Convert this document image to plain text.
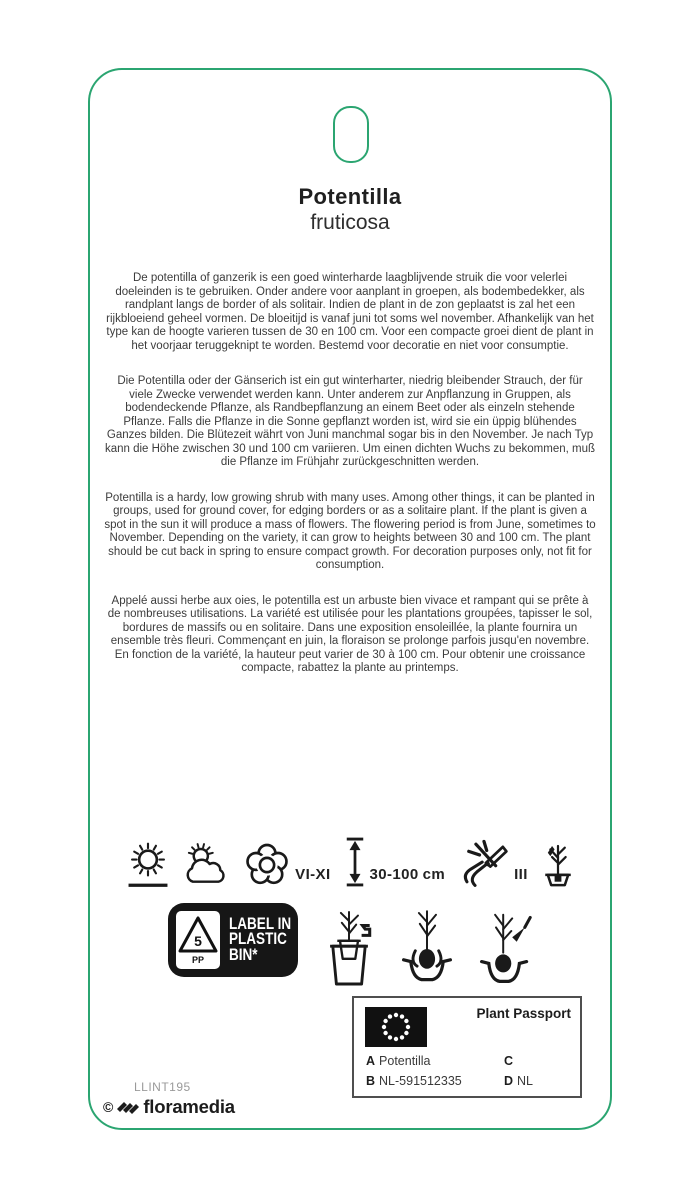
Potentilla
fruticosa

De potentilla of ganzerik is een goed winterharde laagblijvende struik die voor velerlei doeleinden is te gebruiken. Onder andere voor aanplant in groepen, als bodembedekker, als randplant langs de border of als solitair. Indien de plant in de zon geplaatst is zal het een rijkbloeiend geheel vormen. De bloeitijd is vanaf juni tot soms wel november. Afhankelijk van het type kan de hoogte varieren tussen de 30 en 100 cm. Voor een compacte groei dient de plant in het voorjaar teruggeknipt te worden. Bestemd voor decoratie en niet voor consumptie.

Die Potentilla oder der Gänserich ist ein gut winterharter, niedrig bleibender Strauch, der für viele Zwecke verwendet werden kann. Unter anderem zur Anpflanzung in Gruppen, als bodendeckende Pflanze, als Randbepflanzung an einem Beet oder als einzeln stehende Pflanze. Falls die Pflanze in die Sonne gepflanzt worden ist, wird sie ein üppig blühendes Ganzes bilden. Die Blütezeit währt von Juni manchmal sogar bis in den November. Je nach Typ kann die Höhe zwischen 30 und 100 cm variieren. Um einen dichten Wuchs zu bekommen, muß die Pflanze im Frühjahr zurückgeschnitten werden.

Potentilla is a hardy, low growing shrub with many uses. Among other things, it can be planted in groups, used for ground cover, for edging borders or as a solitaire plant. If the plant is given a spot in the sun it will produce a mass of flowers. The flowering period is from June, sometimes to November. Depending on the variety, it can grow to heights between 30 and 100 cm. The plant should be cut back in spring to ensure compact growth. For decoration purposes only, not fit for consumption.

Appelé aussi herbe aux oies, le potentilla est un arbuste bien vivace et rampant qui se prête à de nombreuses utilisations. La variété est utilisée pour les plantations groupées, tapisser le sol, bordures de massifs ou en solitaire. Dans une exposition ensoleillée, la plante fournira un ensemble très fleuri. Commençant en juin, la floraison se prolonge parfois jusqu'en novembre. En fonction de la variété, la hauteur peut varier de 30 à 100 cm. Pour obtenir une croissance compacte, rabattez la plante au printemps.

VI-XI	30-100 cm	III
5
PP
LABEL IN
PLASTIC
BIN*
Plant Passport
A Potentilla
B NL-591512335
C
D NL
LLINT195
© floramedia
